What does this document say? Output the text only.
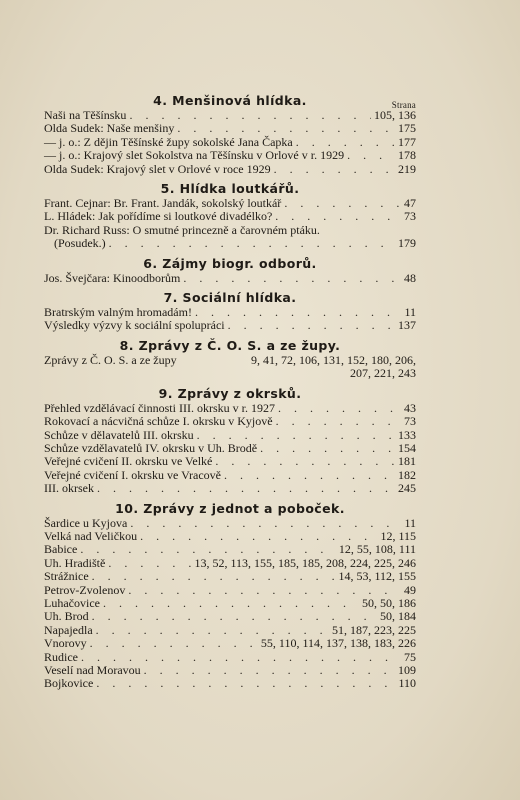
Strana
4. Menšinová hlídka.
Naši na Těšínsku . . .	105, 136
Olda Sudek: Naše menšiny . . .	175
— j. o.: Z dějin Těšínské župy sokolské Jana Čapka . . .	177
— j. o.: Krajový slet Sokolstva na Těšínsku v Orlové v r. 1929 . . .	178
Olda Sudek: Krajový slet v Orlové v roce 1929 . . .	219
5. Hlídka loutkářů.
Frant. Cejnar: Br. Frant. Jandák, sokolský loutkář . . .	47
L. Hládek: Jak pořídíme si loutkové divadélko? . . .	73
Dr. Richard Russ: O smutné princezně a čarovném ptáku.
(Posudek.) . . .	179
6. Zájmy biogr. odborů.
Jos. Švejčara: Kinoodborům . . .	48
7. Sociální hlídka.
Bratrským valným hromadám! . . .	11
Výsledky výzvy k sociální spolupráci . . .	137
8. Zprávy z Č. O. S. a ze župy.
Zprávy z Č. O. S. a ze župy	9, 41, 72, 106, 131, 152, 180, 206,
207, 221, 243
9. Zprávy z okrsků.
Přehled vzdělávací činnosti III. okrsku v r. 1927 . . .	43
Rokovací a nácvičná schůze I. okrsku v Kyjově . . .	73
Schůze v dělavatelů III. okrsku . . .	133
Schůze vzdělavatelů IV. okrsku v Uh. Brodě . . .	154
Veřejné cvičení II. okrsku ve Velké . . .	181
Veřejné cvičení I. okrsku ve Vracově . . .	182
III. okrsek . . .	245
10. Zprávy z jednot a poboček.
Šardice u Kyjova . . .	11
Velká nad Veličkou . . .	12, 115
Babice . . .	12, 55, 108, 111
Uh. Hradiště . . .	13, 52, 113, 155, 185, 185, 208, 224, 225, 246
Strážnice . . .	14, 53, 112, 155
Petrov-Zvolenov . . .	49
Luhačovice . . .	50, 50, 186
Uh. Brod . . .	50, 184
Napajedla . . .	51, 187, 223, 225
Vnorovy . . .	55, 110, 114, 137, 138, 183, 226
Rudice . . .	75
Veselí nad Moravou . . .	109
Bojkovice . . .	110
